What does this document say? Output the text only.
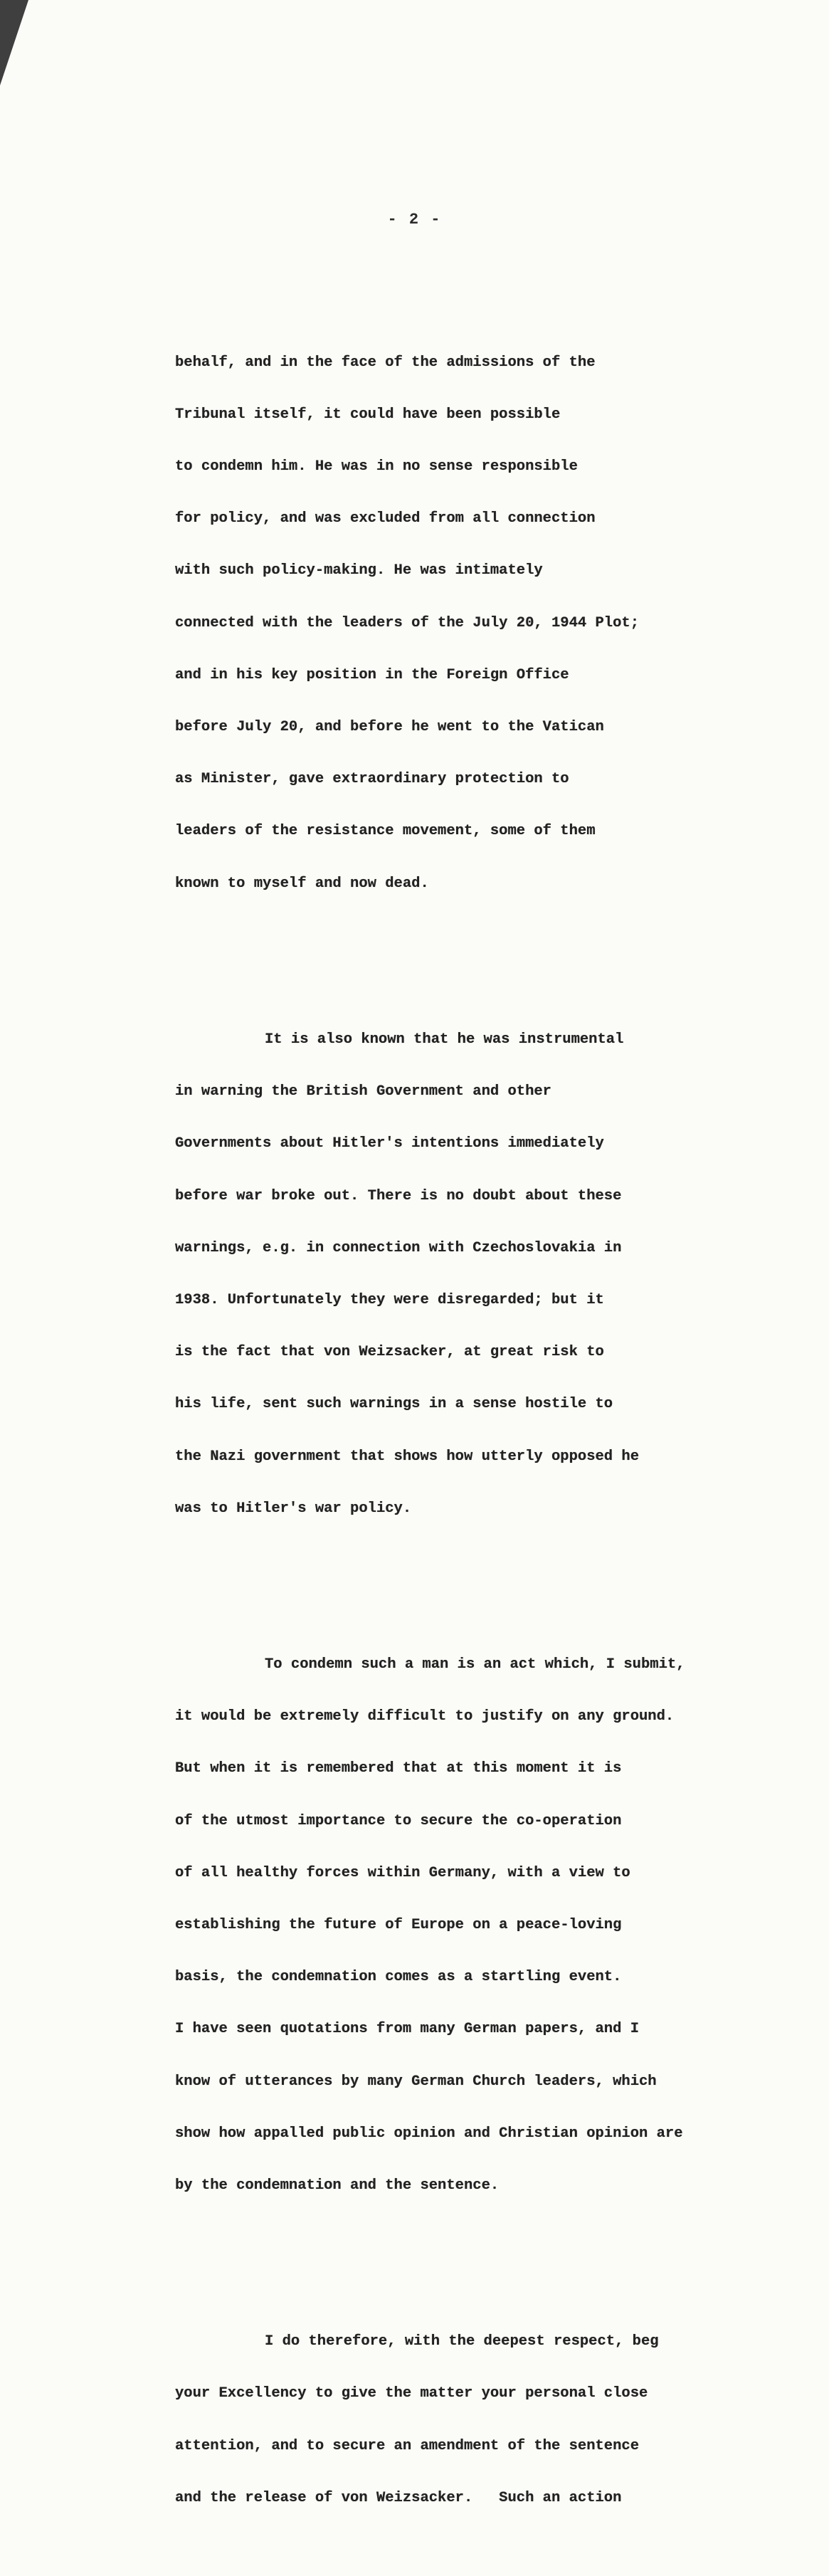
- 2 -

behalf, and in the face of the admissions of the

Tribunal itself, it could have been possible

to condemn him. He was in no sense responsible

for policy, and was excluded from all connection

with such policy-making. He was intimately

connected with the leaders of the July 20, 1944 Plot;

and in his key position in the Foreign Office

before July 20, and before he went to the Vatican

as Minister, gave extraordinary protection to

leaders of the resistance movement, some of them

known to myself and now dead.

It is also known that he was instrumental

in warning the British Government and other

Governments about Hitler's intentions immediately

before war broke out. There is no doubt about these

warnings, e.g. in connection with Czechoslovakia in

1938. Unfortunately they were disregarded; but it

is the fact that von Weizsacker, at great risk to

his life, sent such warnings in a sense hostile to

the Nazi government that shows how utterly opposed he

was to Hitler's war policy.

To condemn such a man is an act which, I submit,

it would be extremely difficult to justify on any ground.

But when it is remembered that at this moment it is

of the utmost importance to secure the co-operation

of all healthy forces within Germany, with a view to

establishing the future of Europe on a peace-loving

basis, the condemnation comes as a startling event.

I have seen quotations from many German papers, and I

know of utterances by many German Church leaders, which

show how appalled public opinion and Christian opinion are

by the condemnation and the sentence.

I do therefore, with the deepest respect, beg

your Excellency to give the matter your personal close

attention, and to secure an amendment of the sentence

and the release of von Weizsacker.   Such an action
